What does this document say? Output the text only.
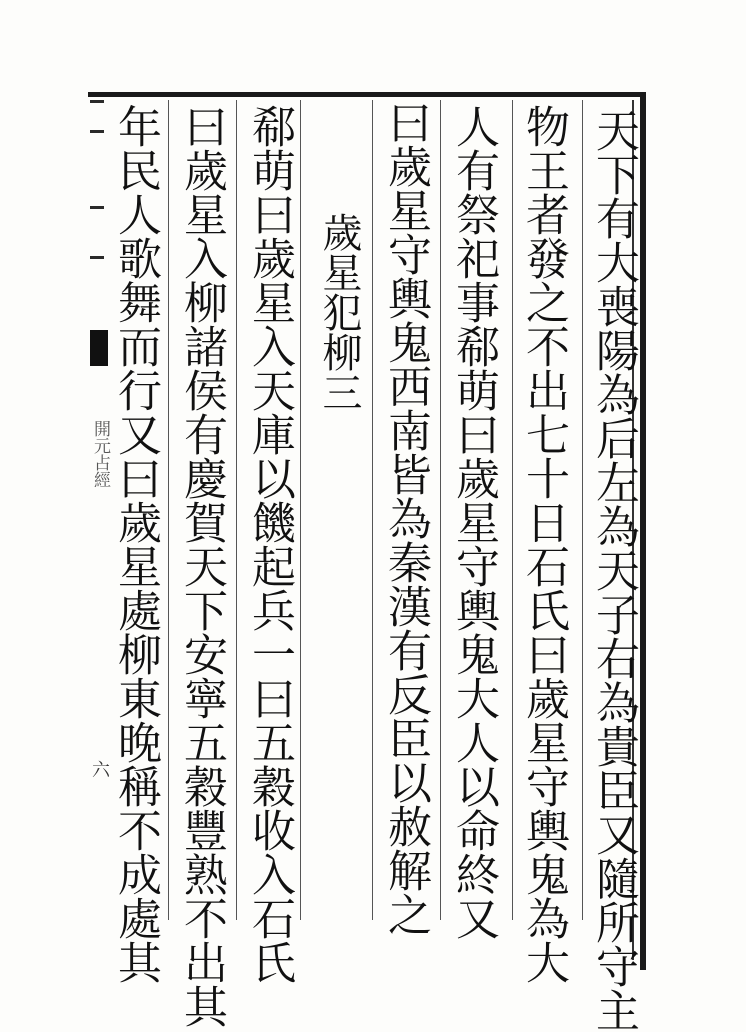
開元占經
六	天下有大喪陽為后左為天子右為貴臣又隨所守主
物王者發之不出七十日石氏曰歲星守輿鬼為大
人有祭祀事郗萌曰歲星守輿鬼大人以命終又
曰歲星守輿鬼西南皆為秦漢有反臣以赦解之
歲星犯柳三
郗萌曰歲星入天庫以饑起兵一曰五穀收入石氏
曰歲星入柳諸侯有慶賀天下安寧五穀豐熟不出其
年民人歌舞而行又曰歲星處柳東晚稱不成處其
